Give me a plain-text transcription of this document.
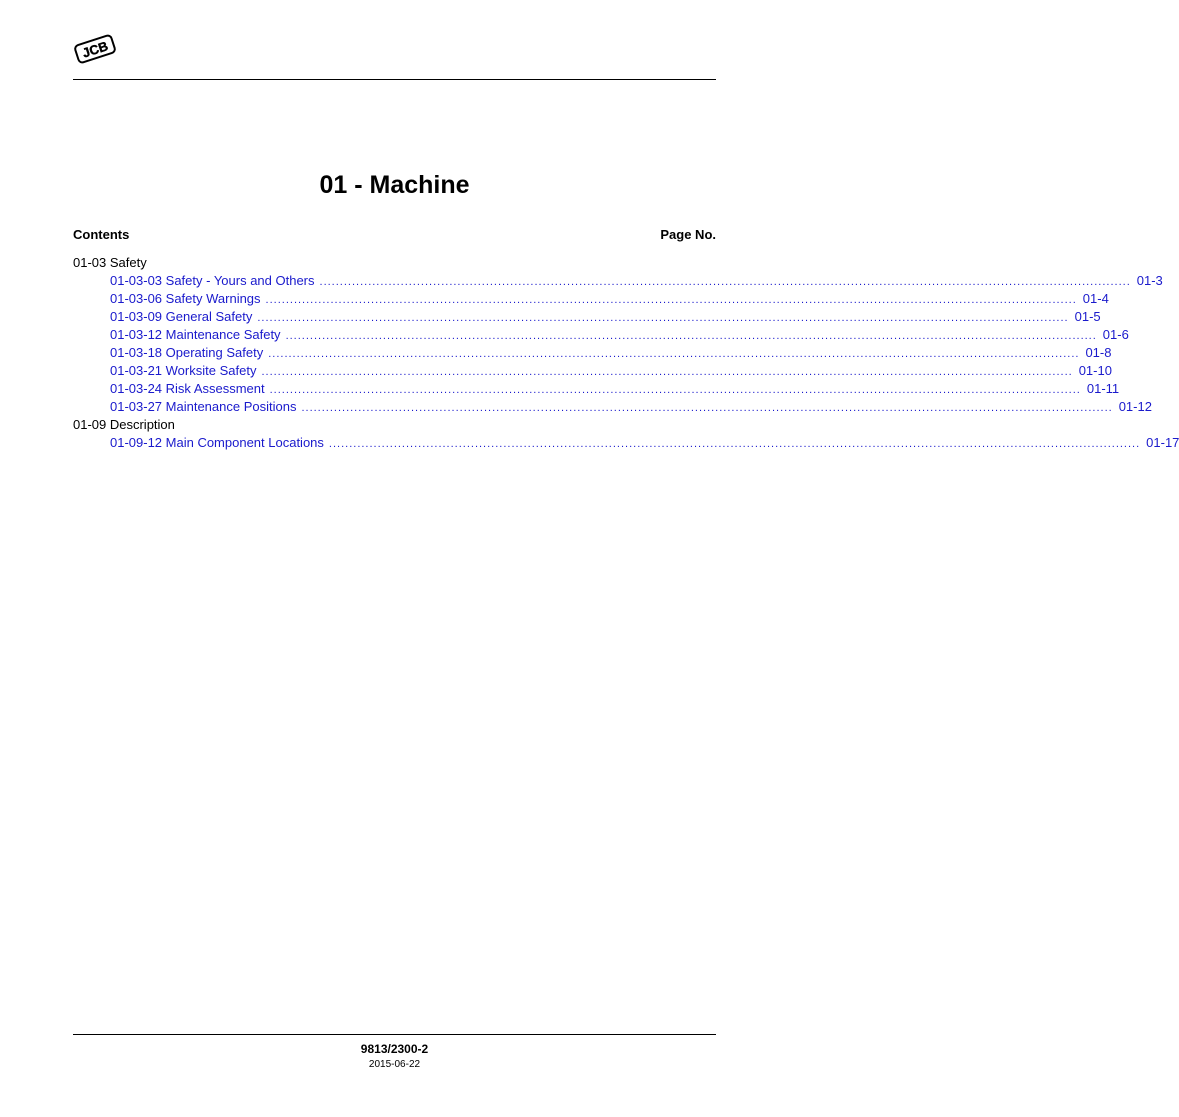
JCB
01 - Machine
Contents	Page No.
01-03 Safety
01-03-03 Safety - Yours and Others ........................................................................................................................................................................................................ 01-3
01-03-06 Safety Warnings ........................................................................................................................................................................................................ 01-4
01-03-09 General Safety ........................................................................................................................................................................................................ 01-5
01-03-12 Maintenance Safety ........................................................................................................................................................................................................ 01-6
01-03-18 Operating Safety ........................................................................................................................................................................................................ 01-8
01-03-21 Worksite Safety ........................................................................................................................................................................................................ 01-10
01-03-24 Risk Assessment ........................................................................................................................................................................................................ 01-11
01-03-27 Maintenance Positions ........................................................................................................................................................................................................ 01-12
01-09 Description
01-09-12 Main Component Locations ........................................................................................................................................................................................................ 01-17
9813/2300-2
2015-06-22
